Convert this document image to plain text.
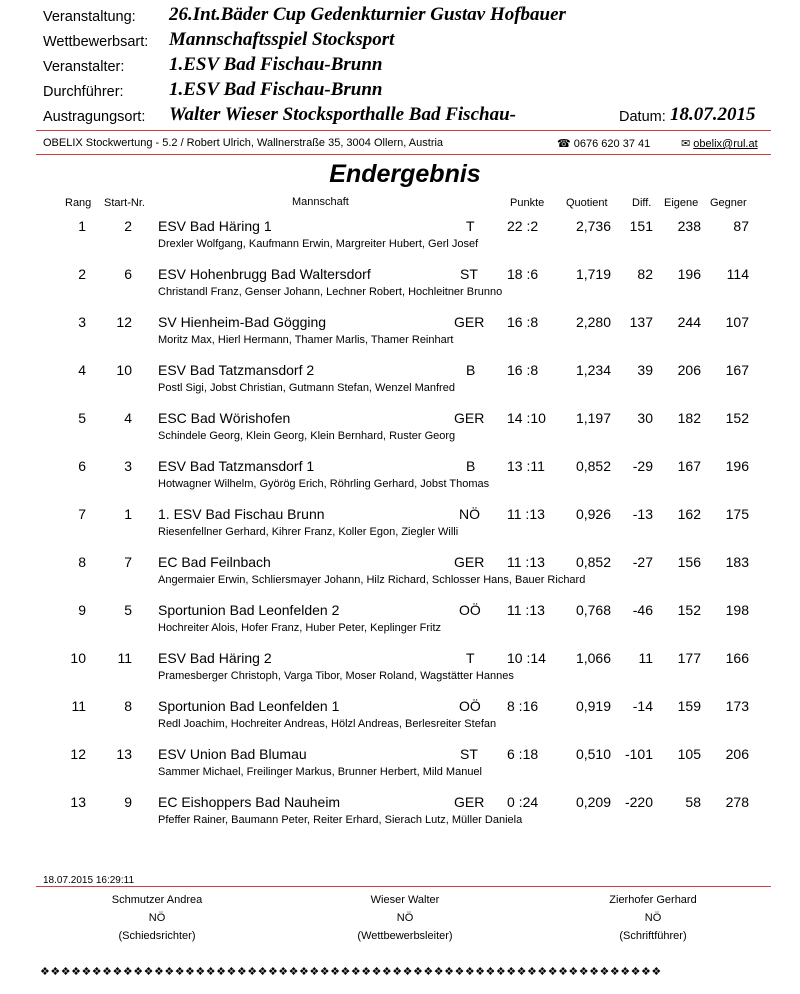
Veranstaltung: 26.Int.Bäder Cup Gedenkturnier Gustav Hofbauer
Wettbewerbsart: Mannschaftsspiel Stocksport
Veranstalter: 1.ESV Bad Fischau-Brunn
Durchführer: 1.ESV Bad Fischau-Brunn
Austragungsort: Walter Wieser Stocksporthalle Bad Fischau-	Datum: 18.07.2015
OBELIX Stockwertung - 5.2 / Robert Ulrich, Wallnerstraße 35, 3004 Ollern, Austria	☎ 0676 620 37 41	✉ obelix@rul.at
Endergebnis
Rang Start-Nr.	Mannschaft	Punkte Quotient Diff. Eigene Gegner
1	2 ESV Bad Häring 1	T 22 :2	2,736	151	238	87
Drexler Wolfgang, Kaufmann Erwin, Margreiter Hubert, Gerl Josef
2	6 ESV Hohenbrugg Bad Waltersdorf	ST 18 :6	1,719	82	196	114
Christandl Franz, Genser Johann, Lechner Robert, Hochleitner Brunno
3	12 SV Hienheim-Bad Gögging	GER 16 :8	2,280	137	244	107
Moritz Max, Hierl Hermann, Thamer Marlis, Thamer Reinhart
4	10 ESV Bad Tatzmansdorf 2	B 16 :8	1,234	39	206	167
Postl Sigi, Jobst Christian, Gutmann Stefan, Wenzel Manfred
5	4 ESC Bad Wörishofen	GER 14 :10	1,197	30	182	152
Schindele Georg, Klein Georg, Klein Bernhard, Ruster Georg
6	3 ESV Bad Tatzmansdorf 1	B 13 :11	0,852	-29	167	196
Hotwagner Wilhelm, Györög Erich, Röhrling Gerhard, Jobst Thomas
7	1 1. ESV Bad Fischau Brunn	NÖ 11 :13	0,926	-13	162	175
Riesenfellner Gerhard, Kihrer Franz, Koller Egon, Ziegler Willi
8	7 EC Bad Feilnbach	GER 11 :13	0,852	-27	156	183
Angermaier Erwin, Schliersmayer Johann, Hilz Richard, Schlosser Hans, Bauer Richard
9	5 Sportunion Bad Leonfelden 2	OÖ 11 :13	0,768	-46	152	198
Hochreiter Alois, Hofer Franz, Huber Peter, Keplinger Fritz
10	11 ESV Bad Häring 2	T 10 :14	1,066	11	177	166
Pramesberger Christoph, Varga Tibor, Moser Roland, Wagstätter Hannes
11	8 Sportunion Bad Leonfelden 1	OÖ 8 :16	0,919	-14	159	173
Redl Joachim, Hochreiter Andreas, Hölzl Andreas, Berlesreiter Stefan
12	13 ESV Union Bad Blumau	ST 6 :18	0,510 -101	105	206
Sammer Michael, Freilinger Markus, Brunner Herbert, Mild Manuel
13	9 EC Eishoppers Bad Nauheim	GER 0 :24	0,209 -220	58	278
Pfeffer Rainer, Baumann Peter, Reiter Erhard, Sierach Lutz, Müller Daniela
18.07.2015 16:29:11
Schmutzer Andrea
NÖ
(Schiedsrichter)
Wieser Walter
NÖ
(Wettbewerbsleiter)
Zierhofer Gerhard
NÖ
(Schriftführer)
❖❖❖❖❖❖❖❖❖❖❖❖❖❖❖❖❖❖❖❖❖❖❖❖❖❖❖❖❖❖❖❖❖❖❖❖❖❖❖❖❖❖❖❖❖❖❖❖❖❖❖❖❖❖❖❖❖❖❖❖
